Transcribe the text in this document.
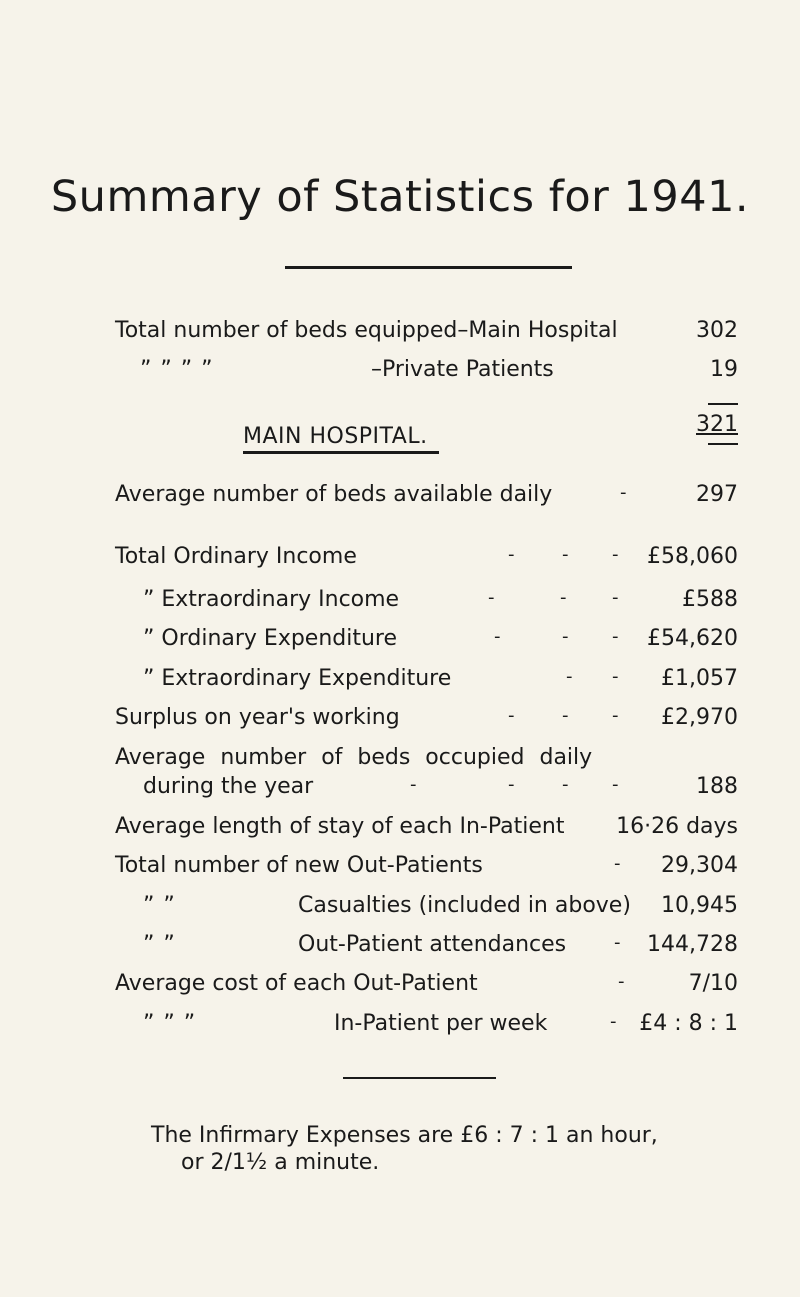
Summary of Statistics for 1941.
Total number of beds equipped–Main Hospital	302
” ” ” ”	–Private Patients	19
321
MAIN HOSPITAL.
Average number of beds available daily	-	297
Total Ordinary Income	-	- - £58,060
” Extraordinary Income	-	-	-	£588
” Ordinary Expenditure	-	- - £54,620
” Extraordinary Expenditure	- - £1,057
Surplus on year's working	-	- - £2,970
Average number of beds occupied daily
during the year	-	-	- -	188
Average length of stay of each In-Patient 16·26 days
Total number of new Out-Patients	- 29,304
” ”	Casualties (included in above) 10,945
” ”	Out-Patient attendances	- 144,728
Average cost of each Out-Patient	-	7/10
” ” ”	In-Patient per week	- £4 : 8 : 1
The Infirmary Expenses are £6 : 7 : 1 an hour,
or 2/1½ a minute.
